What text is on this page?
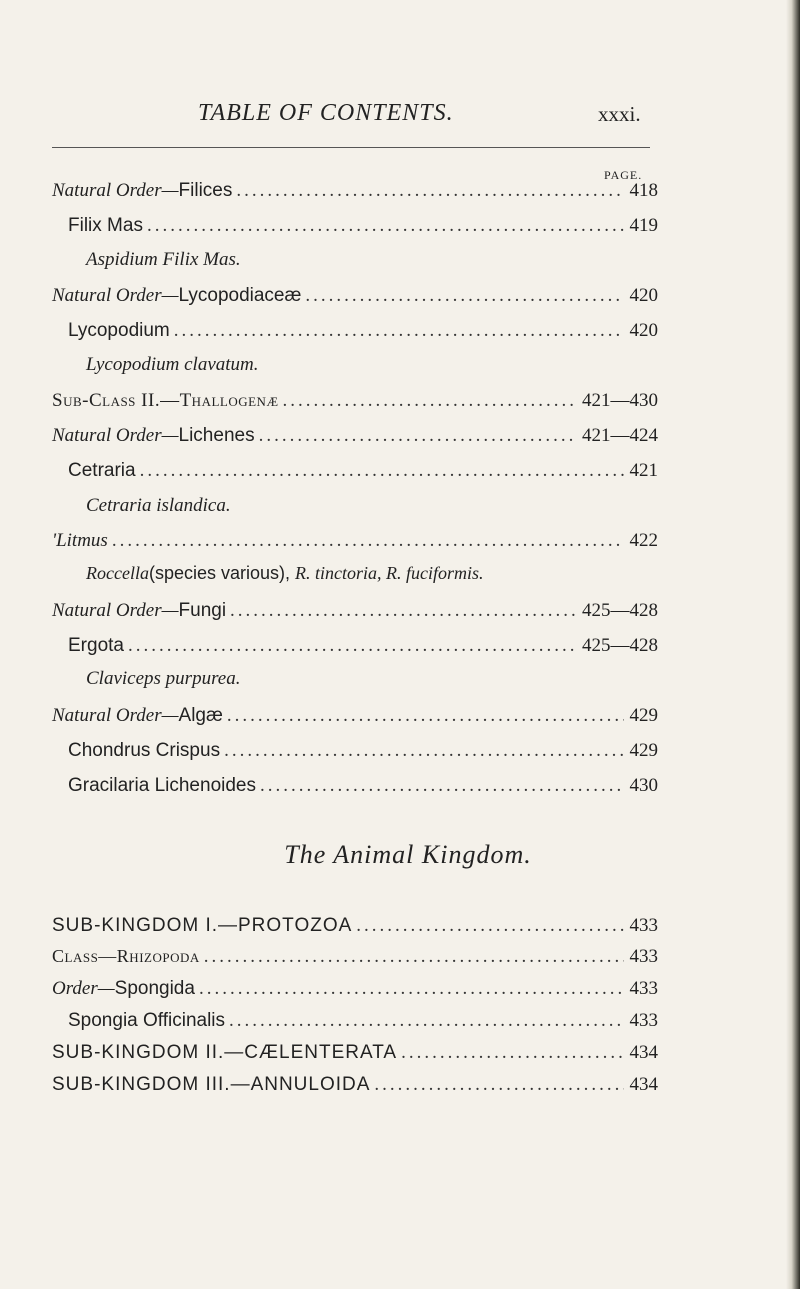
TABLE OF CONTENTS.	xxxi.
PAGE.
Natural Order—Filices .....	418
Filix Mas .....	419
Aspidium Filix Mas.
Natural Order—Lycopodiaceæ .....	420
Lycopodium .....	420
Lycopodium clavatum.
Sub-Class II.—Thallogenæ .....	421—430
Natural Order—Lichenes .....	421—424
Cetraria .....	421
Cetraria islandica.
'Litmus .....	422
Roccella(species various), R. tinctoria, R. fuciformis.
Natural Order—Fungi .....	425—428
Ergota .....	425—428
Claviceps purpurea.
Natural Order—Algæ .....	429
Chondrus Crispus .....	429
Gracilaria Lichenoides .....	430
The Animal Kingdom.
SUB-KINGDOM I.—PROTOZOA .....	433
Class—Rhizopoda .....	433
Order—Spongida .....	433
Spongia Officinalis .....	433
SUB-KINGDOM II.—CÆLENTERATA .....	434
SUB-KINGDOM III.—ANNULOIDA .....	434
